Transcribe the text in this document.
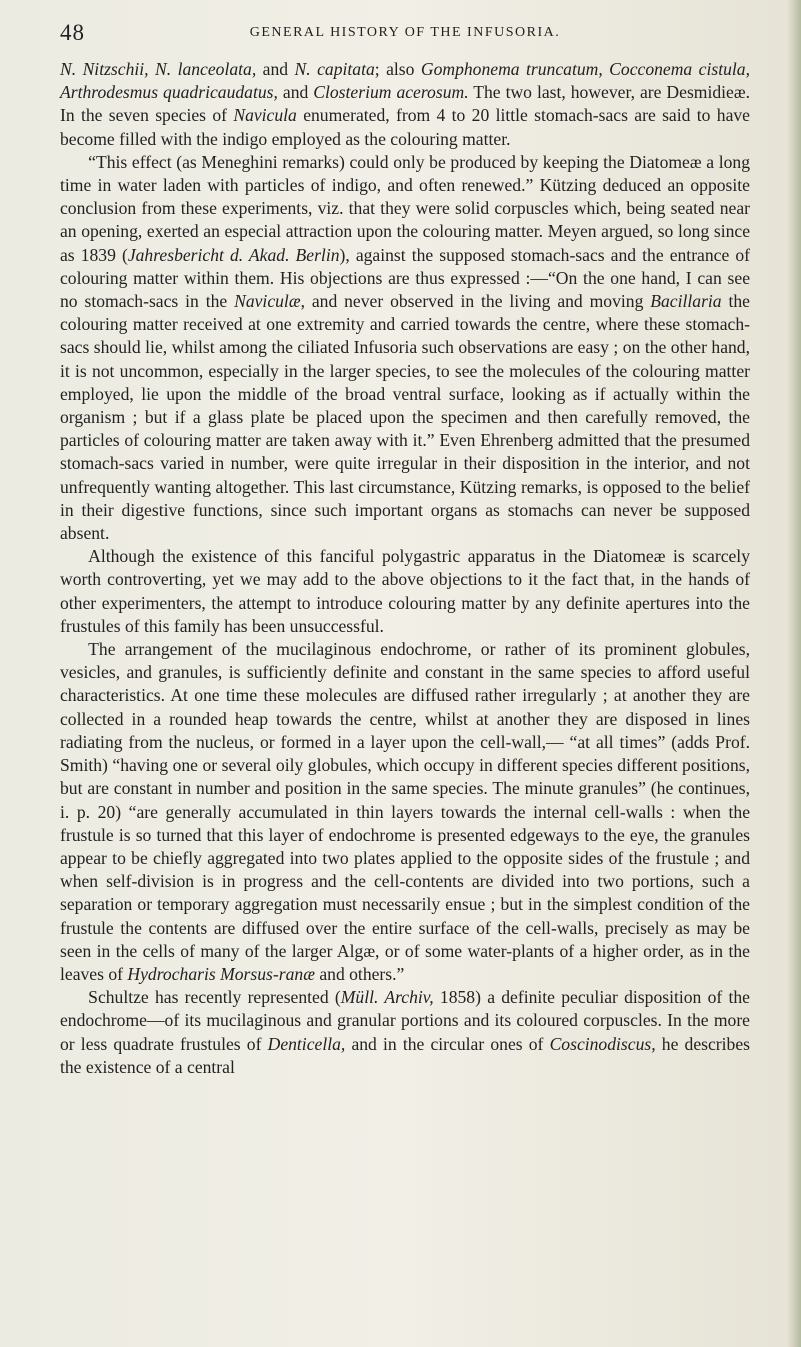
48	GENERAL HISTORY OF THE INFUSORIA.

N. Nitzschii, N. lanceolata, and N. capitata; also Gomphonema truncatum, Cocconema cistula, Arthrodesmus quadricaudatus, and Closterium acerosum. The two last, however, are Desmidieæ. In the seven species of Navicula enumerated, from 4 to 20 little stomach-sacs are said to have become filled with the indigo employed as the colouring matter.

“This effect (as Meneghini remarks) could only be produced by keeping the Diatomeæ a long time in water laden with particles of indigo, and often renewed.” Kützing deduced an opposite conclusion from these experiments, viz. that they were solid corpuscles which, being seated near an opening, exerted an especial attraction upon the colouring matter. Meyen argued, so long since as 1839 (Jahresbericht d. Akad. Berlin), against the supposed stomach-sacs and the entrance of colouring matter within them. His objections are thus expressed :—“On the one hand, I can see no stomach-sacs in the Naviculæ, and never observed in the living and moving Bacillaria the colouring matter received at one extremity and carried towards the centre, where these stomach-sacs should lie, whilst among the ciliated Infusoria such observations are easy ; on the other hand, it is not uncommon, especially in the larger species, to see the molecules of the colouring matter employed, lie upon the middle of the broad ventral surface, looking as if actually within the organism ; but if a glass plate be placed upon the specimen and then carefully removed, the particles of colouring matter are taken away with it.” Even Ehrenberg admitted that the presumed stomach-sacs varied in number, were quite irregular in their disposition in the interior, and not unfrequently wanting altogether. This last circumstance, Kützing remarks, is opposed to the belief in their digestive functions, since such important organs as stomachs can never be supposed absent.

Although the existence of this fanciful polygastric apparatus in the Diatomeæ is scarcely worth controverting, yet we may add to the above objections to it the fact that, in the hands of other experimenters, the attempt to introduce colouring matter by any definite apertures into the frustules of this family has been unsuccessful.

The arrangement of the mucilaginous endochrome, or rather of its prominent globules, vesicles, and granules, is sufficiently definite and constant in the same species to afford useful characteristics. At one time these molecules are diffused rather irregularly ; at another they are collected in a rounded heap towards the centre, whilst at another they are disposed in lines radiating from the nucleus, or formed in a layer upon the cell-wall,— “at all times” (adds Prof. Smith) “having one or several oily globules, which occupy in different species different positions, but are constant in number and position in the same species. The minute granules” (he continues, i. p. 20) “are generally accumulated in thin layers towards the internal cell-walls : when the frustule is so turned that this layer of endochrome is presented edgeways to the eye, the granules appear to be chiefly aggregated into two plates applied to the opposite sides of the frustule ; and when self-division is in progress and the cell-contents are divided into two portions, such a separation or temporary aggregation must necessarily ensue ; but in the simplest condition of the frustule the contents are diffused over the entire surface of the cell-walls, precisely as may be seen in the cells of many of the larger Algæ, or of some water-plants of a higher order, as in the leaves of Hydrocharis Morsus-ranæ and others.”

Schultze has recently represented (Müll. Archiv, 1858) a definite peculiar disposition of the endochrome—of its mucilaginous and granular portions and its coloured corpuscles. In the more or less quadrate frustules of Denticella, and in the circular ones of Coscinodiscus, he describes the existence of a central
